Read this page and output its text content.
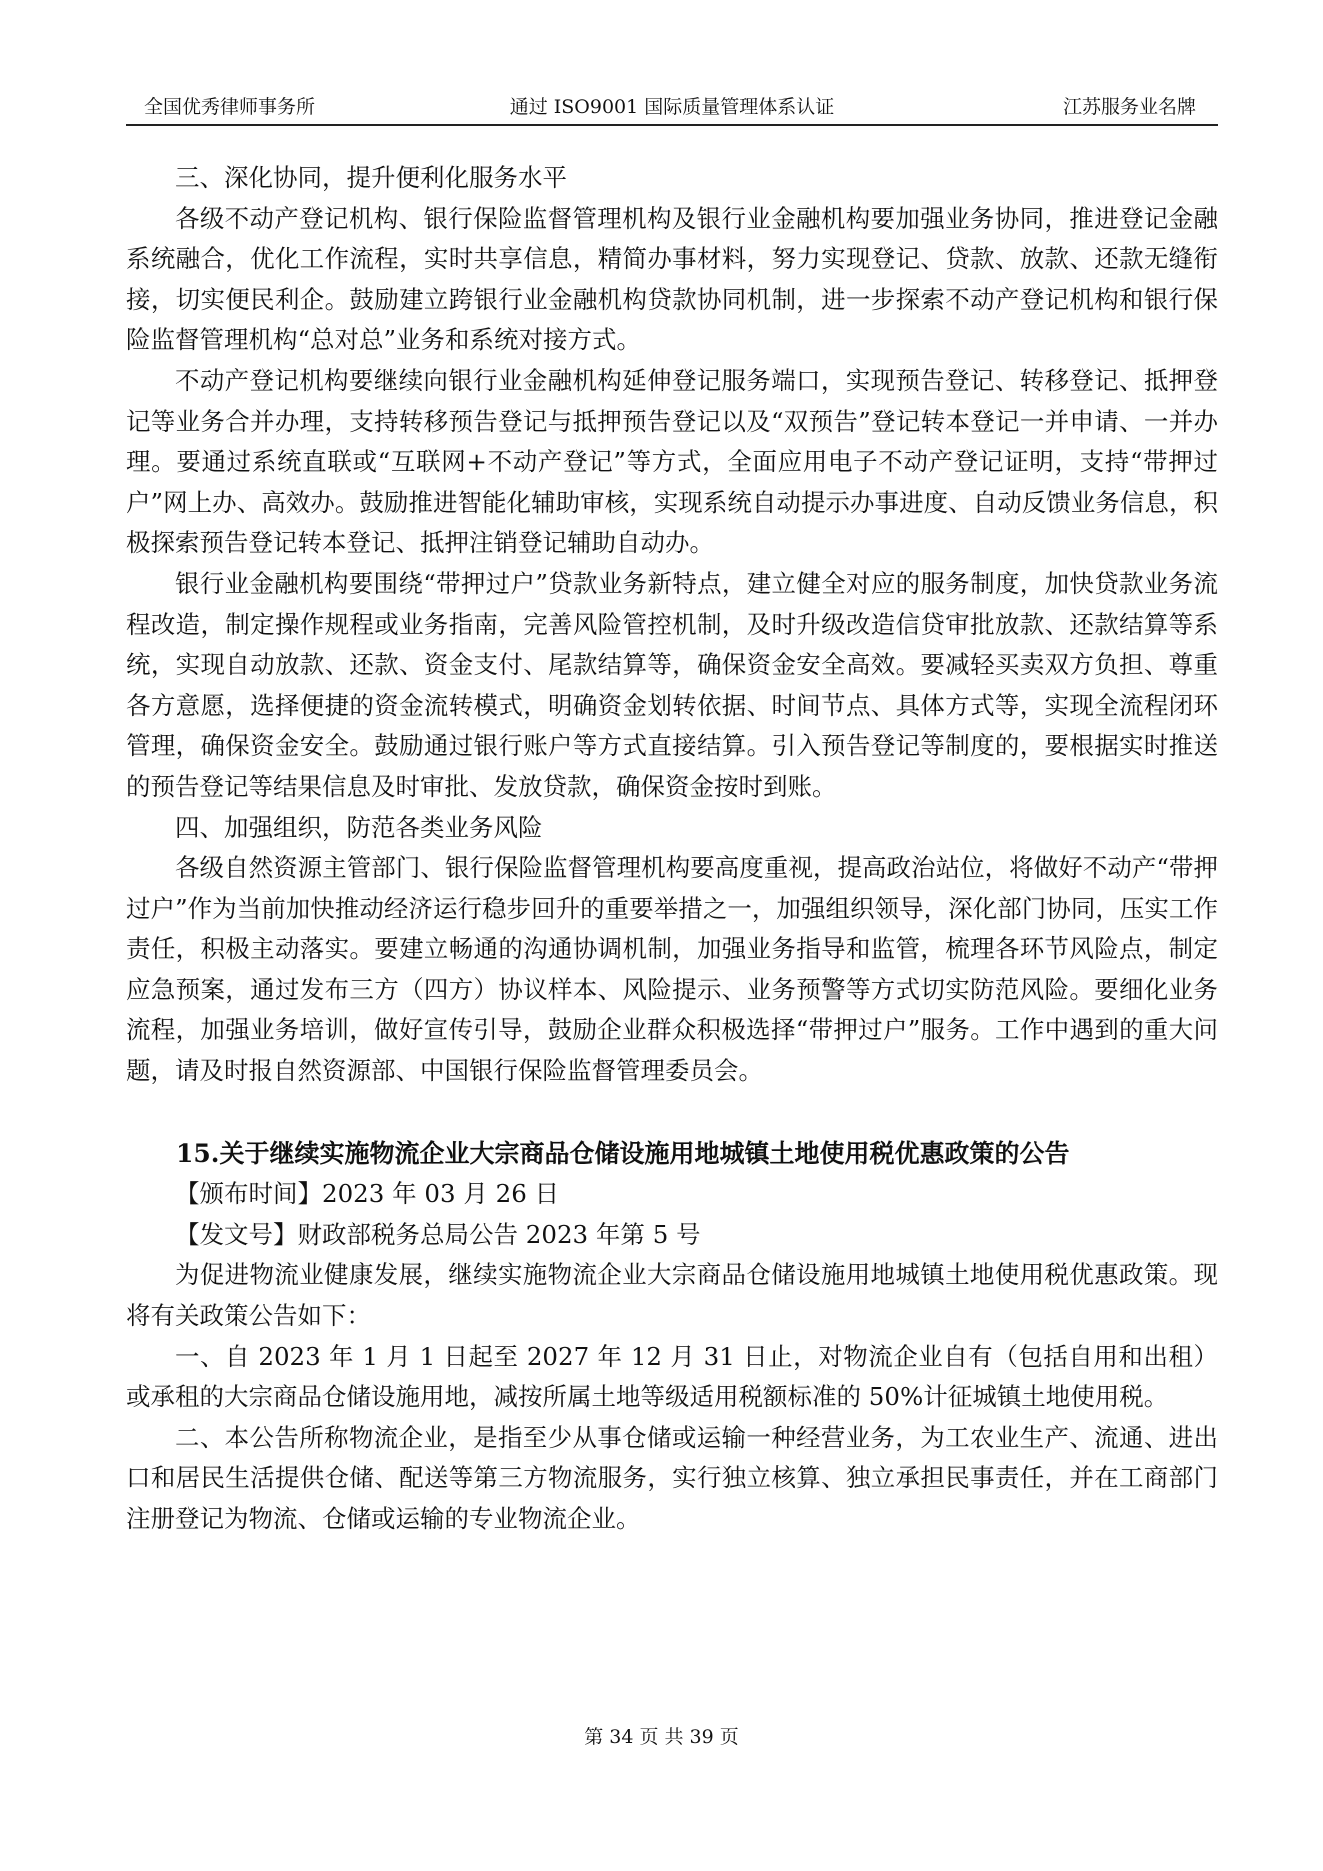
全国优秀律师事务所	通过 ISO9001 国际质量管理体系认证	江苏服务业名牌

三、深化协同，提升便利化服务水平

各级不动产登记机构、银行保险监督管理机构及银行业金融机构要加强业务协同，推进登记金融系统融合，优化工作流程，实时共享信息，精简办事材料，努力实现登记、贷款、放款、还款无缝衔接，切实便民利企。鼓励建立跨银行业金融机构贷款协同机制，进一步探索不动产登记机构和银行保险监督管理机构“总对总”业务和系统对接方式。

不动产登记机构要继续向银行业金融机构延伸登记服务端口，实现预告登记、转移登记、抵押登记等业务合并办理，支持转移预告登记与抵押预告登记以及“双预告”登记转本登记一并申请、一并办理。要通过系统直联或“互联网+不动产登记”等方式，全面应用电子不动产登记证明，支持“带押过户”网上办、高效办。鼓励推进智能化辅助审核，实现系统自动提示办事进度、自动反馈业务信息，积极探索预告登记转本登记、抵押注销登记辅助自动办。

银行业金融机构要围绕“带押过户”贷款业务新特点，建立健全对应的服务制度，加快贷款业务流程改造，制定操作规程或业务指南，完善风险管控机制，及时升级改造信贷审批放款、还款结算等系统，实现自动放款、还款、资金支付、尾款结算等，确保资金安全高效。要减轻买卖双方负担、尊重各方意愿，选择便捷的资金流转模式，明确资金划转依据、时间节点、具体方式等，实现全流程闭环管理，确保资金安全。鼓励通过银行账户等方式直接结算。引入预告登记等制度的，要根据实时推送的预告登记等结果信息及时审批、发放贷款，确保资金按时到账。

四、加强组织，防范各类业务风险

各级自然资源主管部门、银行保险监督管理机构要高度重视，提高政治站位，将做好不动产“带押过户”作为当前加快推动经济运行稳步回升的重要举措之一，加强组织领导，深化部门协同，压实工作责任，积极主动落实。要建立畅通的沟通协调机制，加强业务指导和监管，梳理各环节风险点，制定应急预案，通过发布三方（四方）协议样本、风险提示、业务预警等方式切实防范风险。要细化业务流程，加强业务培训，做好宣传引导，鼓励企业群众积极选择“带押过户”服务。工作中遇到的重大问题，请及时报自然资源部、中国银行保险监督管理委员会。

15.关于继续实施物流企业大宗商品仓储设施用地城镇土地使用税优惠政策的公告

【颁布时间】2023 年 03 月 26 日

【发文号】财政部税务总局公告 2023 年第 5 号

为促进物流业健康发展，继续实施物流企业大宗商品仓储设施用地城镇土地使用税优惠政策。现将有关政策公告如下：

一、自 2023 年 1 月 1 日起至 2027 年 12 月 31 日止，对物流企业自有（包括自用和出租）或承租的大宗商品仓储设施用地，减按所属土地等级适用税额标准的 50%计征城镇土地使用税。

二、本公告所称物流企业，是指至少从事仓储或运输一种经营业务，为工农业生产、流通、进出口和居民生活提供仓储、配送等第三方物流服务，实行独立核算、独立承担民事责任，并在工商部门注册登记为物流、仓储或运输的专业物流企业。

第 34 页 共 39 页
